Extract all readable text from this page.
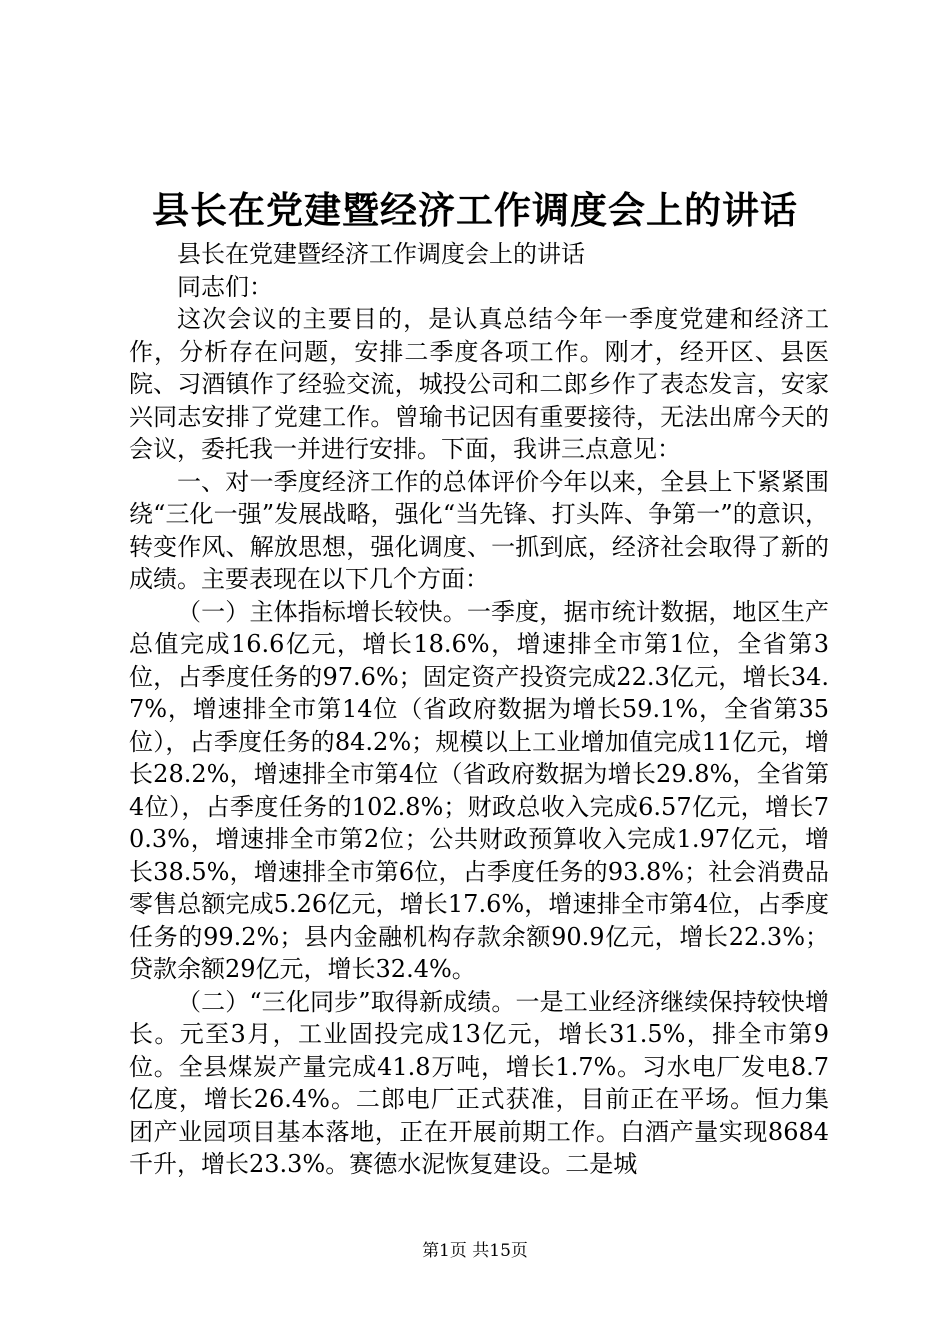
县长在党建暨经济工作调度会上的讲话

县长在党建暨经济工作调度会上的讲话

同志们：

这次会议的主要目的，是认真总结今年一季度党建和经济工作，分析存在问题，安排二季度各项工作。刚才，经开区、县医院、习酒镇作了经验交流，城投公司和二郎乡作了表态发言，安家兴同志安排了党建工作。曾瑜书记因有重要接待，无法出席今天的会议，委托我一并进行安排。下面，我讲三点意见：

一、对一季度经济工作的总体评价今年以来，全县上下紧紧围绕“三化一强”发展战略，强化“当先锋、打头阵、争第一”的意识，转变作风、解放思想，强化调度、一抓到底，经济社会取得了新的成绩。主要表现在以下几个方面：

（一）主体指标增长较快。一季度，据市统计数据，地区生产总值完成16.6亿元，增长18.6%，增速排全市第1位，全省第3位，占季度任务的97.6%；固定资产投资完成22.3亿元，增长34.7%，增速排全市第14位（省政府数据为增长59.1%，全省第35位），占季度任务的84.2%；规模以上工业增加值完成11亿元，增长28.2%，增速排全市第4位（省政府数据为增长29.8%，全省第4位），占季度任务的102.8%；财政总收入完成6.57亿元，增长70.3%，增速排全市第2位；公共财政预算收入完成1.97亿元，增长38.5%，增速排全市第6位，占季度任务的93.8%；社会消费品零售总额完成5.26亿元，增长17.6%，增速排全市第4位，占季度任务的99.2%；县内金融机构存款余额90.9亿元，增长22.3%；贷款余额29亿元，增长32.4%。

（二）“三化同步”取得新成绩。一是工业经济继续保持较快增长。元至3月，工业固投完成13亿元，增长31.5%，排全市第9位。全县煤炭产量完成41.8万吨，增长1.7%。习水电厂发电8.7亿度，增长26.4%。二郎电厂正式获准，目前正在平场。恒力集团产业园项目基本落地，正在开展前期工作。白酒产量实现8684千升，增长23.3%。赛德水泥恢复建设。二是城

第1页 共15页
